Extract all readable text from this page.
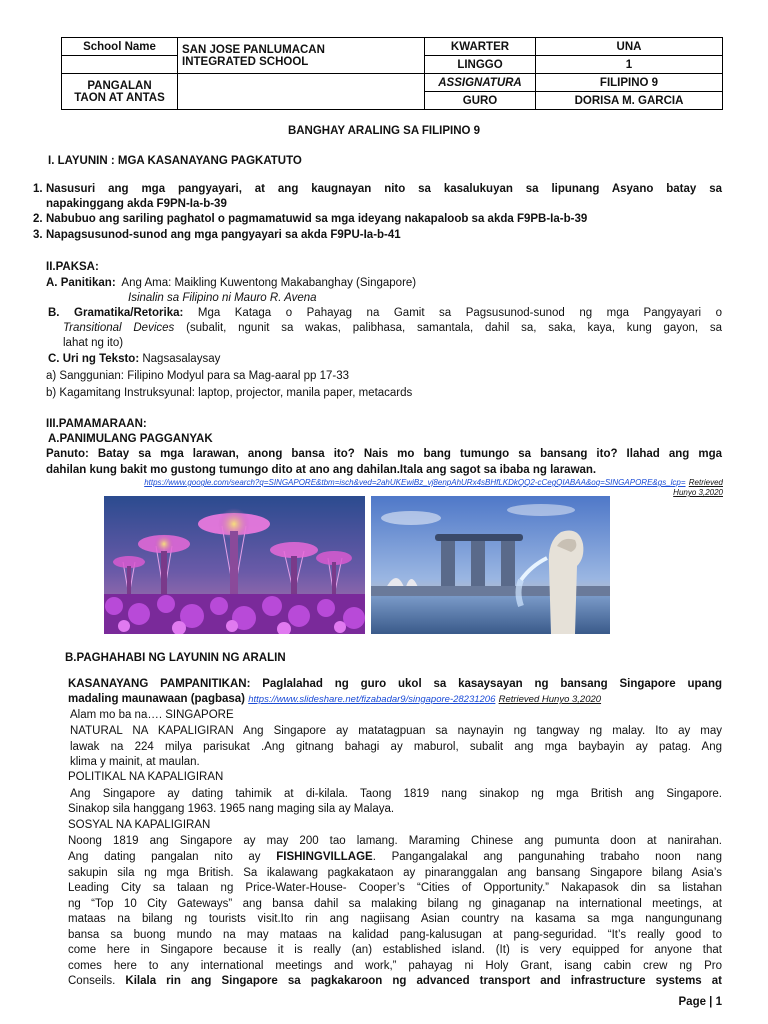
School Name	SAN JOSE PANLUMACAN
INTEGRATED SCHOOL	KWARTER	UNA
		LINGGO	1

PANGALAN
TAON AT ANTAS		ASSIGNATURA	FILIPINO 9
		GURO	DORISA M. GARCIA
BANGHAY ARALING SA FILIPINO 9
I. LAYUNIN : MGA KASANAYANG PAGKATUTO
1. Nasusuri ang mga pangyayari, at ang kaugnayan nito sa kasalukuyan sa lipunang Asyano batay sa
napakinggang akda F9PN-Ia-b-39
2. Nabubuo ang sariling paghatol o pagmamatuwid sa mga ideyang nakapaloob sa akda F9PB-Ia-b-39
3. Napagsusunod-sunod ang mga pangyayari sa akda F9PU-Ia-b-41
II.PAKSA:
A. Panitikan: Ang Ama: Maikling Kuwentong Makabanghay (Singapore)
Isinalin sa Filipino ni Mauro R. Avena
B. Gramatika/Retorika: Mga Kataga o Pahayag na Gamit sa Pagsusunod-sunod ng mga Pangyayari o
Transitional Devices (subalit, ngunit sa wakas, palibhasa, samantala, dahil sa, saka, kaya, kung gayon, sa
lahat ng ito)
C. Uri ng Teksto: Nagsasalaysay
a) Sanggunian: Filipino Modyul para sa Mag-aaral pp 17-33
b) Kagamitang Instruksyunal: laptop, projector, manila paper, metacards
III.PAMAMARAAN:
A.PANIMULANG PAGGANYAK
Panuto: Batay sa mga larawan, anong bansa ito? Nais mo bang tumungo sa bansang ito? Ilahad ang mga
dahilan kung bakit mo gustong tumungo dito at ano ang dahilan.Itala ang sagot sa ibaba ng larawan.
https://www.google.com/search?q=SINGAPORE&tbm=isch&ved=2ahUKEwiBz_vj8enpAhURx4sBHfLKDkQQ2-cCegQIABAA&oq=SINGAPORE&gs_lcp= Retrieved
Hunyo 3,2020
B.PAGHAHABI NG LAYUNIN NG ARALIN
KASANAYANG PAMPANITIKAN: Paglalahad ng guro ukol sa kasaysayan ng bansang Singapore upang
madaling maunawaan (pagbasa) https://www.slideshare.net/fizabadar9/singapore-28231206 Retrieved Hunyo 3,2020
Alam mo ba na…. SINGAPORE
NATURAL NA KAPALIGIRAN Ang Singapore ay matatagpuan sa naynayin ng tangway ng malay. Ito ay may
lawak na 224 milya parisukat .Ang gitnang bahagi ay maburol, subalit ang mga baybayin ay patag. Ang
klima y mainit, at maulan.
POLITIKAL NA KAPALIGIRAN
Ang Singapore ay dating tahimik at di-kilala. Taong 1819 nang sinakop ng mga British ang Singapore.
Sinakop sila hanggang 1963. 1965 nang maging sila ay Malaya.
SOSYAL NA KAPALIGIRAN
Noong 1819 ang Singapore ay may 200 tao lamang. Maraming Chinese ang pumunta doon at nanirahan.
Ang dating pangalan nito ay FISHINGVILLAGE. Pangangalakal ang pangunahing trabaho noon nang
sakupin sila ng mga British. Sa ikalawang pagkakataon ay pinaranggalan ang bansang Singapore bilang Asia’s
Leading City sa talaan ng Price-Water-House- Cooper’s “Cities of Opportunity.” Nakapasok din sa listahan
ng “Top 10 City Gateways” ang bansa dahil sa malaking bilang ng ginaganap na international meetings, at
mataas na bilang ng tourists visit.Ito rin ang nagiisang Asian country na kasama sa mga nangungunang
bansa sa buong mundo na may mataas na kalidad pang-kalusugan at pang-seguridad. “It’s really good to
come here in Singapore because it is really (an) established island. (It) is very equipped for anyone that
comes here to any international meetings and work,” pahayag ni Holy Grant, isang cabin crew ng Pro
Conseils. Kilala rin ang Singapore sa pagkakaroon ng advanced transport and infrastructure systems at
Page | 1
